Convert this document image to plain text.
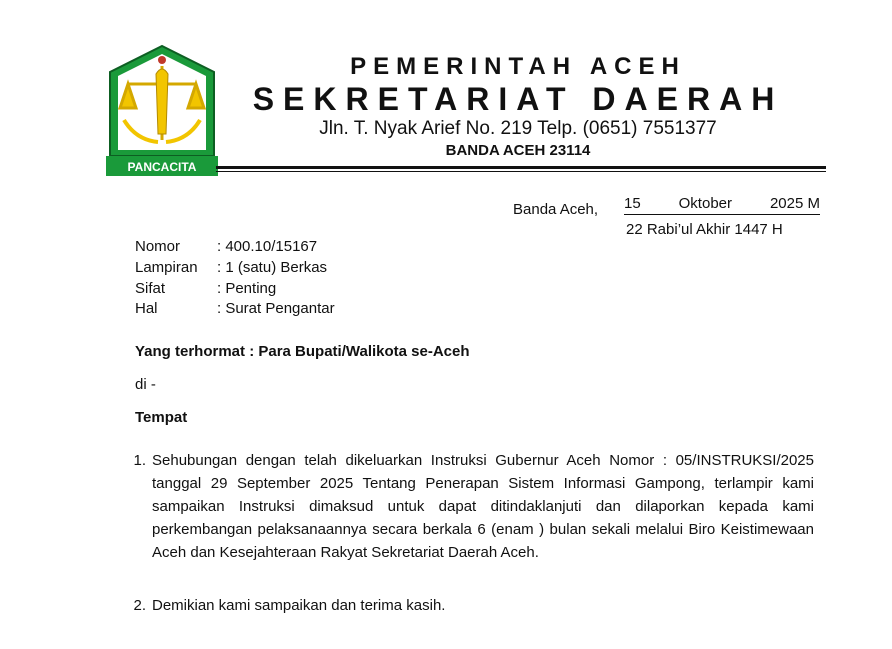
PANCACITA
PEMERINTAH ACEH
SEKRETARIAT DAERAH
Jln. T. Nyak Arief No. 219 Telp. (0651) 7551377
BANDA ACEH 23114
Banda Aceh, 15	Oktober	2025 M
22 Rabi’ul Akhir 1447 H
Nomor : 400.10/15167
Lampiran : 1 (satu) Berkas
Sifat	: Penting
Hal	: Surat Pengantar
Yang terhormat : Para Bupati/Walikota se-Aceh
di -
Tempat
1. Sehubungan dengan telah dikeluarkan Instruksi Gubernur Aceh Nomor : 05/INSTRUKSI/2025 tanggal 29 September 2025 Tentang Penerapan Sistem Informasi Gampong, terlampir kami sampaikan Instruksi dimaksud untuk dapat ditindaklanjuti dan dilaporkan kepada kami perkembangan pelaksanaannya secara berkala 6 (enam ) bulan sekali melalui Biro Keistimewaan Aceh dan Kesejahteraan Rakyat Sekretariat Daerah Aceh.
2. Demikian kami sampaikan dan terima kasih.
